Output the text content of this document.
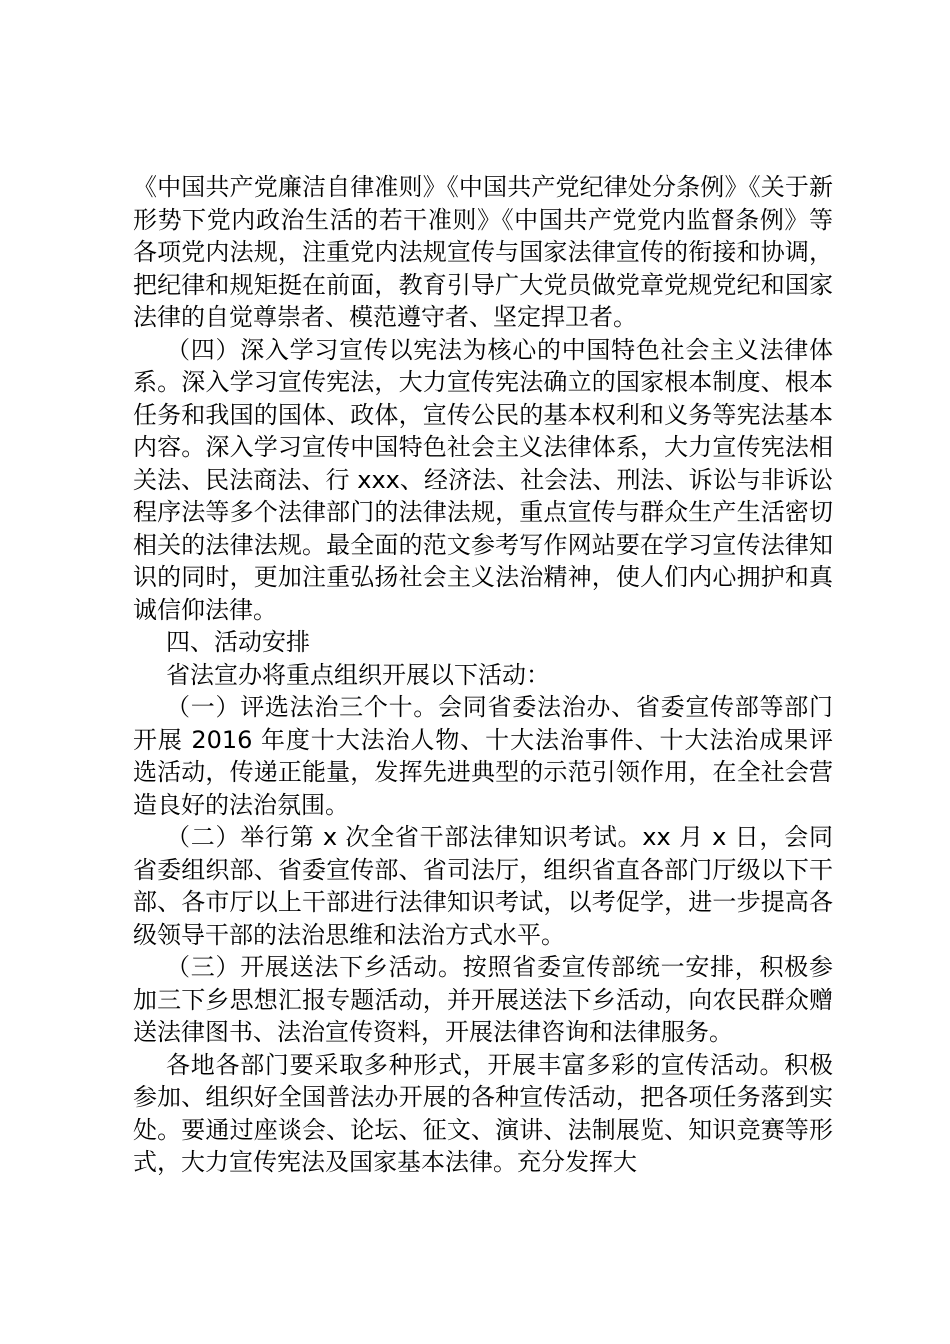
《中国共产党廉洁自律准则》《中国共产党纪律处分条例》《关于新形势下党内政治生活的若干准则》《中国共产党党内监督条例》等各项党内法规，注重党内法规宣传与国家法律宣传的衔接和协调，把纪律和规矩挺在前面，教育引导广大党员做党章党规党纪和国家法律的自觉尊崇者、模范遵守者、坚定捍卫者。

（四）深入学习宣传以宪法为核心的中国特色社会主义法律体系。深入学习宣传宪法，大力宣传宪法确立的国家根本制度、根本任务和我国的国体、政体，宣传公民的基本权利和义务等宪法基本内容。深入学习宣传中国特色社会主义法律体系，大力宣传宪法相关法、民法商法、行 xxx、经济法、社会法、刑法、诉讼与非诉讼程序法等多个法律部门的法律法规，重点宣传与群众生产生活密切相关的法律法规。最全面的范文参考写作网站要在学习宣传法律知识的同时，更加注重弘扬社会主义法治精神，使人们内心拥护和真诚信仰法律。

四、活动安排

省法宣办将重点组织开展以下活动：

（一）评选法治三个十。会同省委法治办、省委宣传部等部门开展 2016 年度十大法治人物、十大法治事件、十大法治成果评选活动，传递正能量，发挥先进典型的示范引领作用，在全社会营造良好的法治氛围。

（二）举行第 x 次全省干部法律知识考试。xx 月 x 日，会同省委组织部、省委宣传部、省司法厅，组织省直各部门厅级以下干部、各市厅以上干部进行法律知识考试，以考促学，进一步提高各级领导干部的法治思维和法治方式水平。

（三）开展送法下乡活动。按照省委宣传部统一安排，积极参加三下乡思想汇报专题活动，并开展送法下乡活动，向农民群众赠送法律图书、法治宣传资料，开展法律咨询和法律服务。

各地各部门要采取多种形式，开展丰富多彩的宣传活动。积极参加、组织好全国普法办开展的各种宣传活动，把各项任务落到实处。要通过座谈会、论坛、征文、演讲、法制展览、知识竞赛等形式，大力宣传宪法及国家基本法律。充分发挥大
